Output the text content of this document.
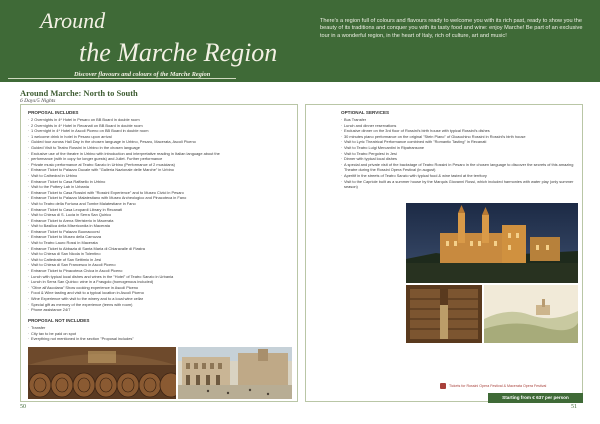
Around
the Marche Region
Discover flavours and colours of the Marche Region
There's a region full of colours and flavours ready to welcome you with its rich past, ready to show you the beauty of its traditions and conquer you with its tasty food and wine: enjoy Marche! Be part of an exclusive tour in a wonderful region, in the heart of Italy, rich of culture, art and music!
Around Marche: North to South
6 Days/5 Nights
PROPOSAL INCLUDES
· 2 Overnights in 4* Hotel in Pesaro on BB Board in double room
· 2 Overnights in 4* Hotel in Recanati on BB Board in double room
· 1 Overnight in 4* Hotel in Ascoli Piceno on BB Board in double room
· 1 welcome drink in hotel in Pesaro upon arrival
· Guided tour across Hall Day in the chosen language in Urbino, Pesaro, Macerata, Ascoli Piceno
· Guided Visit to Teatro Rossini in Urbino in the chosen language
· Exclusive use of the theatre in Urbino with introduction and interpretative reading in Italian language about the
· performance (with in copy for longer guests) and Juliet. Further performance
· Private music performance at Teatro Sanzio in Urbino (Performance of 2 musicians)
· Entrance Ticket to Palazzo Ducale with "Galleria Nazionale delle Marche" in Urbino
· Visit to Cathedral in Urbino
· Entrance Ticket to Casa Raffaello in Urbino
· Visit to the Pottery Lab in Urbania
· Entrance Ticket to Casa Rossini with "Rossini Experience" and to Museo Civici in Pesaro
· Entrance Ticket to Palazzo Malatestiano with Museo Archeologico and Pinacoteca in Fano
· Visit to Teatro della Fortuna and Tombe Malatestiane in Fano
· Entrance Ticket to Casa Leopardi Library in Recanati
· Visit to Chiesa di S. Lucia in Serra San Quirico
· Entrance Ticket to Arena Sferisterio in Macerata
· Visit to Basilica della Misericordia in Macerata
· Entrance Ticket to Palazzo Buonaccorsi
· Entrance Ticket to Museo della Carrozza
· Visit to Teatro Lauro Rossi in Macerata
· Entrance Ticket to Abbazia di Santa Maria di Chiaravalle di Fiastra
· Visit to Chiesa di San Nicola in Tolentino
· Visit to Cattedrale of San Settimio in Jesi
· Visit to Chiesa di San Francesco in Ascoli Piceno
· Entrance Ticket to Pinacoteca Civica in Ascoli Piceno
· Lunch with typical local dishes and wines in the "Hotel" of Teatro Sanzio in Urbania
· Lunch in Serra San Quirico: wine in a Frasgolo (homogenous included)
· "Olive all'Ascolana" Show cooking experience in Ascoli Piceno
· Food & Wine tasting and visit to a typical location in Ascoli Piceno
· Wine Experience with visit to the winery and to a local wine cellar
· Special gift as memory of the experience (teens with room)
· Phone assistance 24/7
PROPOSAL NOT INCLUDES
· Transfer
· City tax to be paid on spot
· Everything not mentioned in the section "Proposal includes"
OPTIONAL SERVICES
· Bus Transfer
· Lunch and dinner reservations
· Exclusive dinner on the 3rd floor of Rossini's birth house with typical Rossini's dishes
· 30 minutes piano performance on the original "Stein Piano" of Gioacchino Rossini in Rossini's birth house
· Visit to Lyric Theatrical Performance combined with "Romantic Tasting" in Recanati
· Visit to Teatro Luigi Mercantini in Ripatransone
· Visit to Teatro Pergolesi in Jesi
· Dinner with typical local dishes
· A special and private visit of the backstage of Teatro Rossini in Pesaro in the chosen language to discover the secrets of this amazing Theatre during the Rossini Opera Festival (in august)
· Aperitif in the streets of Teatro Sanzio with typical food & wine tasted at the territory
· Visit to the Capriole built as a summer house by the Marquis Giovanni Rossi, which included harmonies with water play (only summer season)
Tickets for Rossini Opera Festival & Macerata Opera Festival
Starting from € 637 per person
50	51
